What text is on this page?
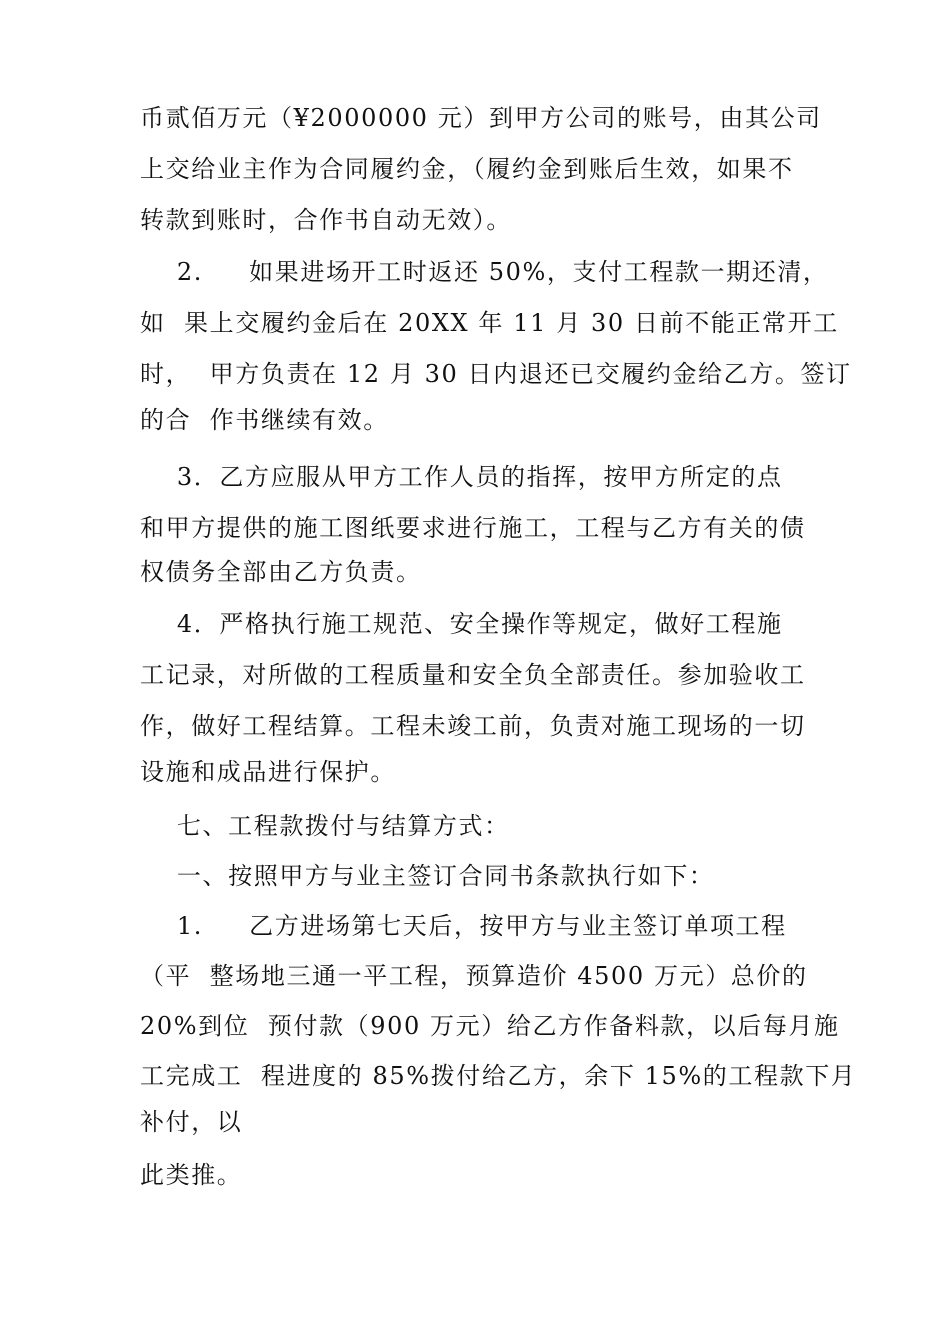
币贰佰万元（¥2000000 元）到甲方公司的账号，由其公司
上交给业主作为合同履约金，（履约金到账后生效，如果不
转款到账时，合作书自动无效）。
2.     如果进场开工时返还 50%，支付工程款一期还清，
如  果上交履约金后在 20XX 年 11 月 30 日前不能正常开工
时，  甲方负责在 12 月 30 日内退还已交履约金给乙方。签订
的合  作书继续有效。
3．乙方应服从甲方工作人员的指挥，按甲方所定的点
和甲方提供的施工图纸要求进行施工，工程与乙方有关的债
权债务全部由乙方负责。
4．严格执行施工规范、安全操作等规定，做好工程施
工记录，对所做的工程质量和安全负全部责任。参加验收工
作，做好工程结算。工程未竣工前，负责对施工现场的一切
设施和成品进行保护。
七、工程款拨付与结算方式：
一、按照甲方与业主签订合同书条款执行如下：
1.     乙方进场第七天后，按甲方与业主签订单项工程
（平  整场地三通一平工程，预算造价 4500 万元）总价的
20%到位  预付款（900 万元）给乙方作备料款，以后每月施
工完成工  程进度的 85%拨付给乙方，余下 15%的工程款下月
补付，以
此类推。
